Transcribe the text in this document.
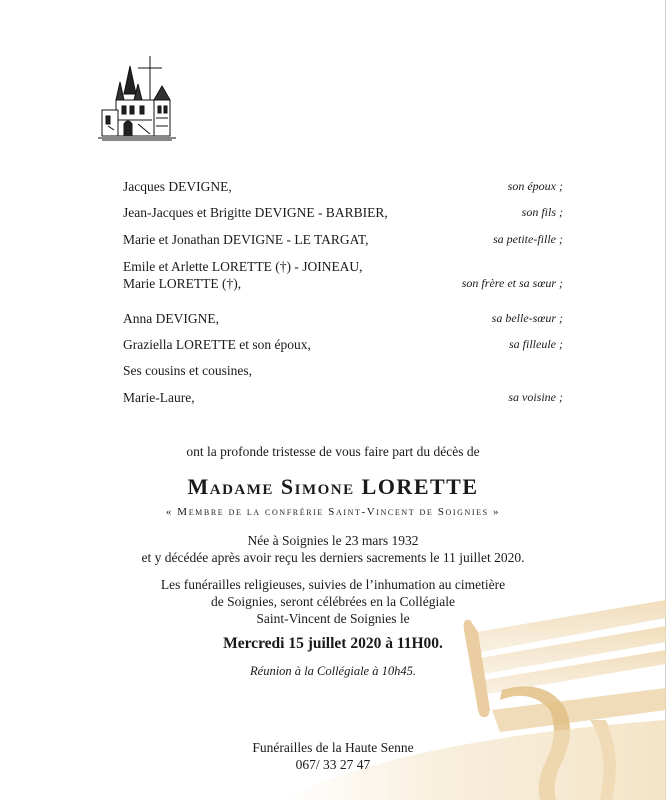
Jacques DEVIGNE,	son époux ;
Jean-Jacques et Brigitte DEVIGNE - BARBIER,	son fils ;
Marie et Jonathan DEVIGNE - LE TARGAT,	sa petite-fille ;
Emile et Arlette LORETTE (†) - JOINEAU,
Marie LORETTE (†),	son frère et sa sœur ;
Anna DEVIGNE,	sa belle-sœur ;
Graziella LORETTE et son époux,	sa filleule ;
Ses cousins et cousines,
Marie-Laure,	sa voisine ;
ont la profonde tristesse de vous faire part du décès de
Madame Simone LORETTE
« Membre de la confrérie Saint-Vincent de Soignies »
Née à Soignies le 23 mars 1932
et y décédée après avoir reçu les derniers sacrements le 11 juillet 2020.
Les funérailles religieuses, suivies de l’inhumation au cimetière
de Soignies, seront célébrées en la Collégiale
Saint-Vincent de Soignies le
Mercredi 15 juillet 2020 à 11H00.
Réunion à la Collégiale à 10h45.
Funérailles de la Haute Senne
067/ 33 27 47
